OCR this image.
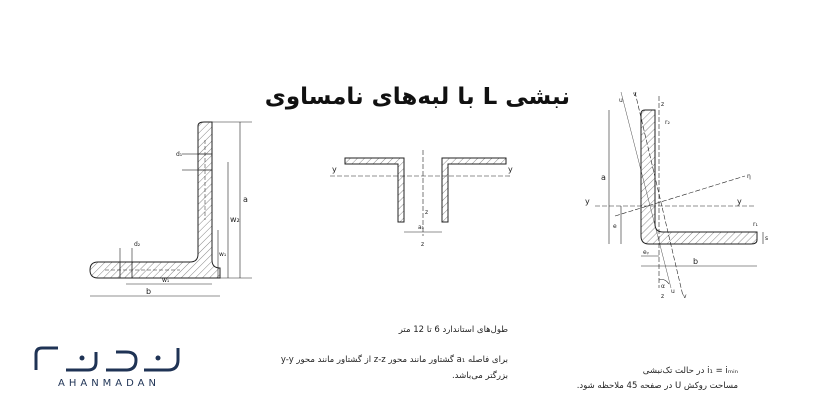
نبشی L با لبه‌های نامساوی
a
w₂
w₁
d₁
d₂
w₁
b
y	y
z
a₁
z
y	y
z
z
η
v
v
u
u
a
e
eᵧ
b
s
α
r₁
r₂
طول‌های استاندارد 6 تا 12 متر
برای فاصله a₁ گشتاور مانند محور z-z از گشتاور مانند محور y-y
بزرگتر می‌باشد.	i₁ = iₘᵢₙ در حالت تک‌نبشی
مساحت روکش U در صفحه 45 ملاحظه شود.
AHANMADAN
